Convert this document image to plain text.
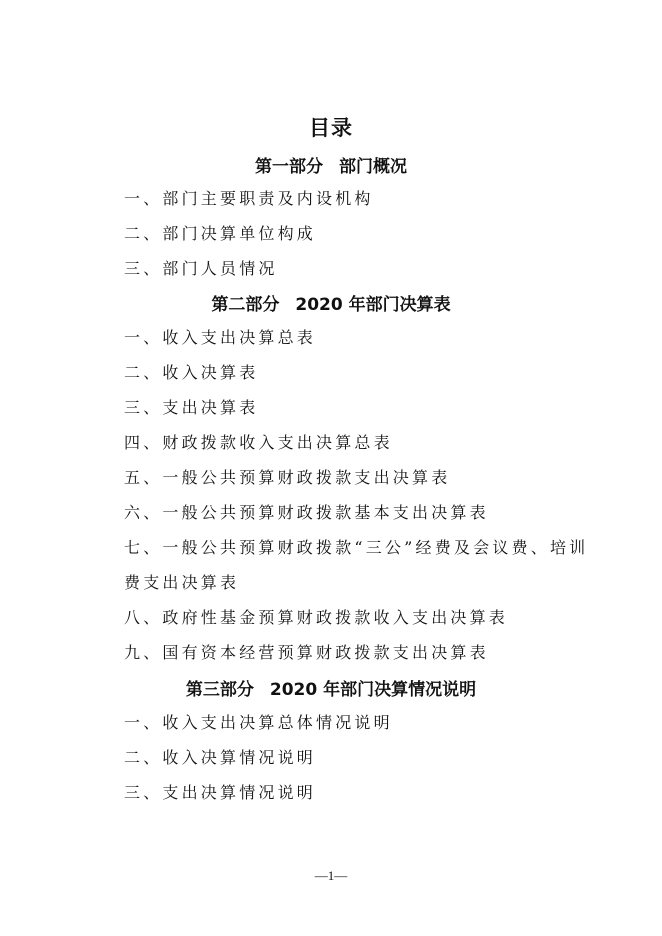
目录
第一部分 部门概况
一、部门主要职责及内设机构
二、部门决算单位构成
三、部门人员情况
第二部分 2020 年部门决算表
一、收入支出决算总表
二、收入决算表
三、支出决算表
四、财政拨款收入支出决算总表
五、一般公共预算财政拨款支出决算表
六、一般公共预算财政拨款基本支出决算表
七、一般公共预算财政拨款“三公”经费及会议费、培训
费支出决算表
八、政府性基金预算财政拨款收入支出决算表
九、国有资本经营预算财政拨款支出决算表
第三部分 2020 年部门决算情况说明
一、收入支出决算总体情况说明
二、收入决算情况说明
三、支出决算情况说明
—1—
